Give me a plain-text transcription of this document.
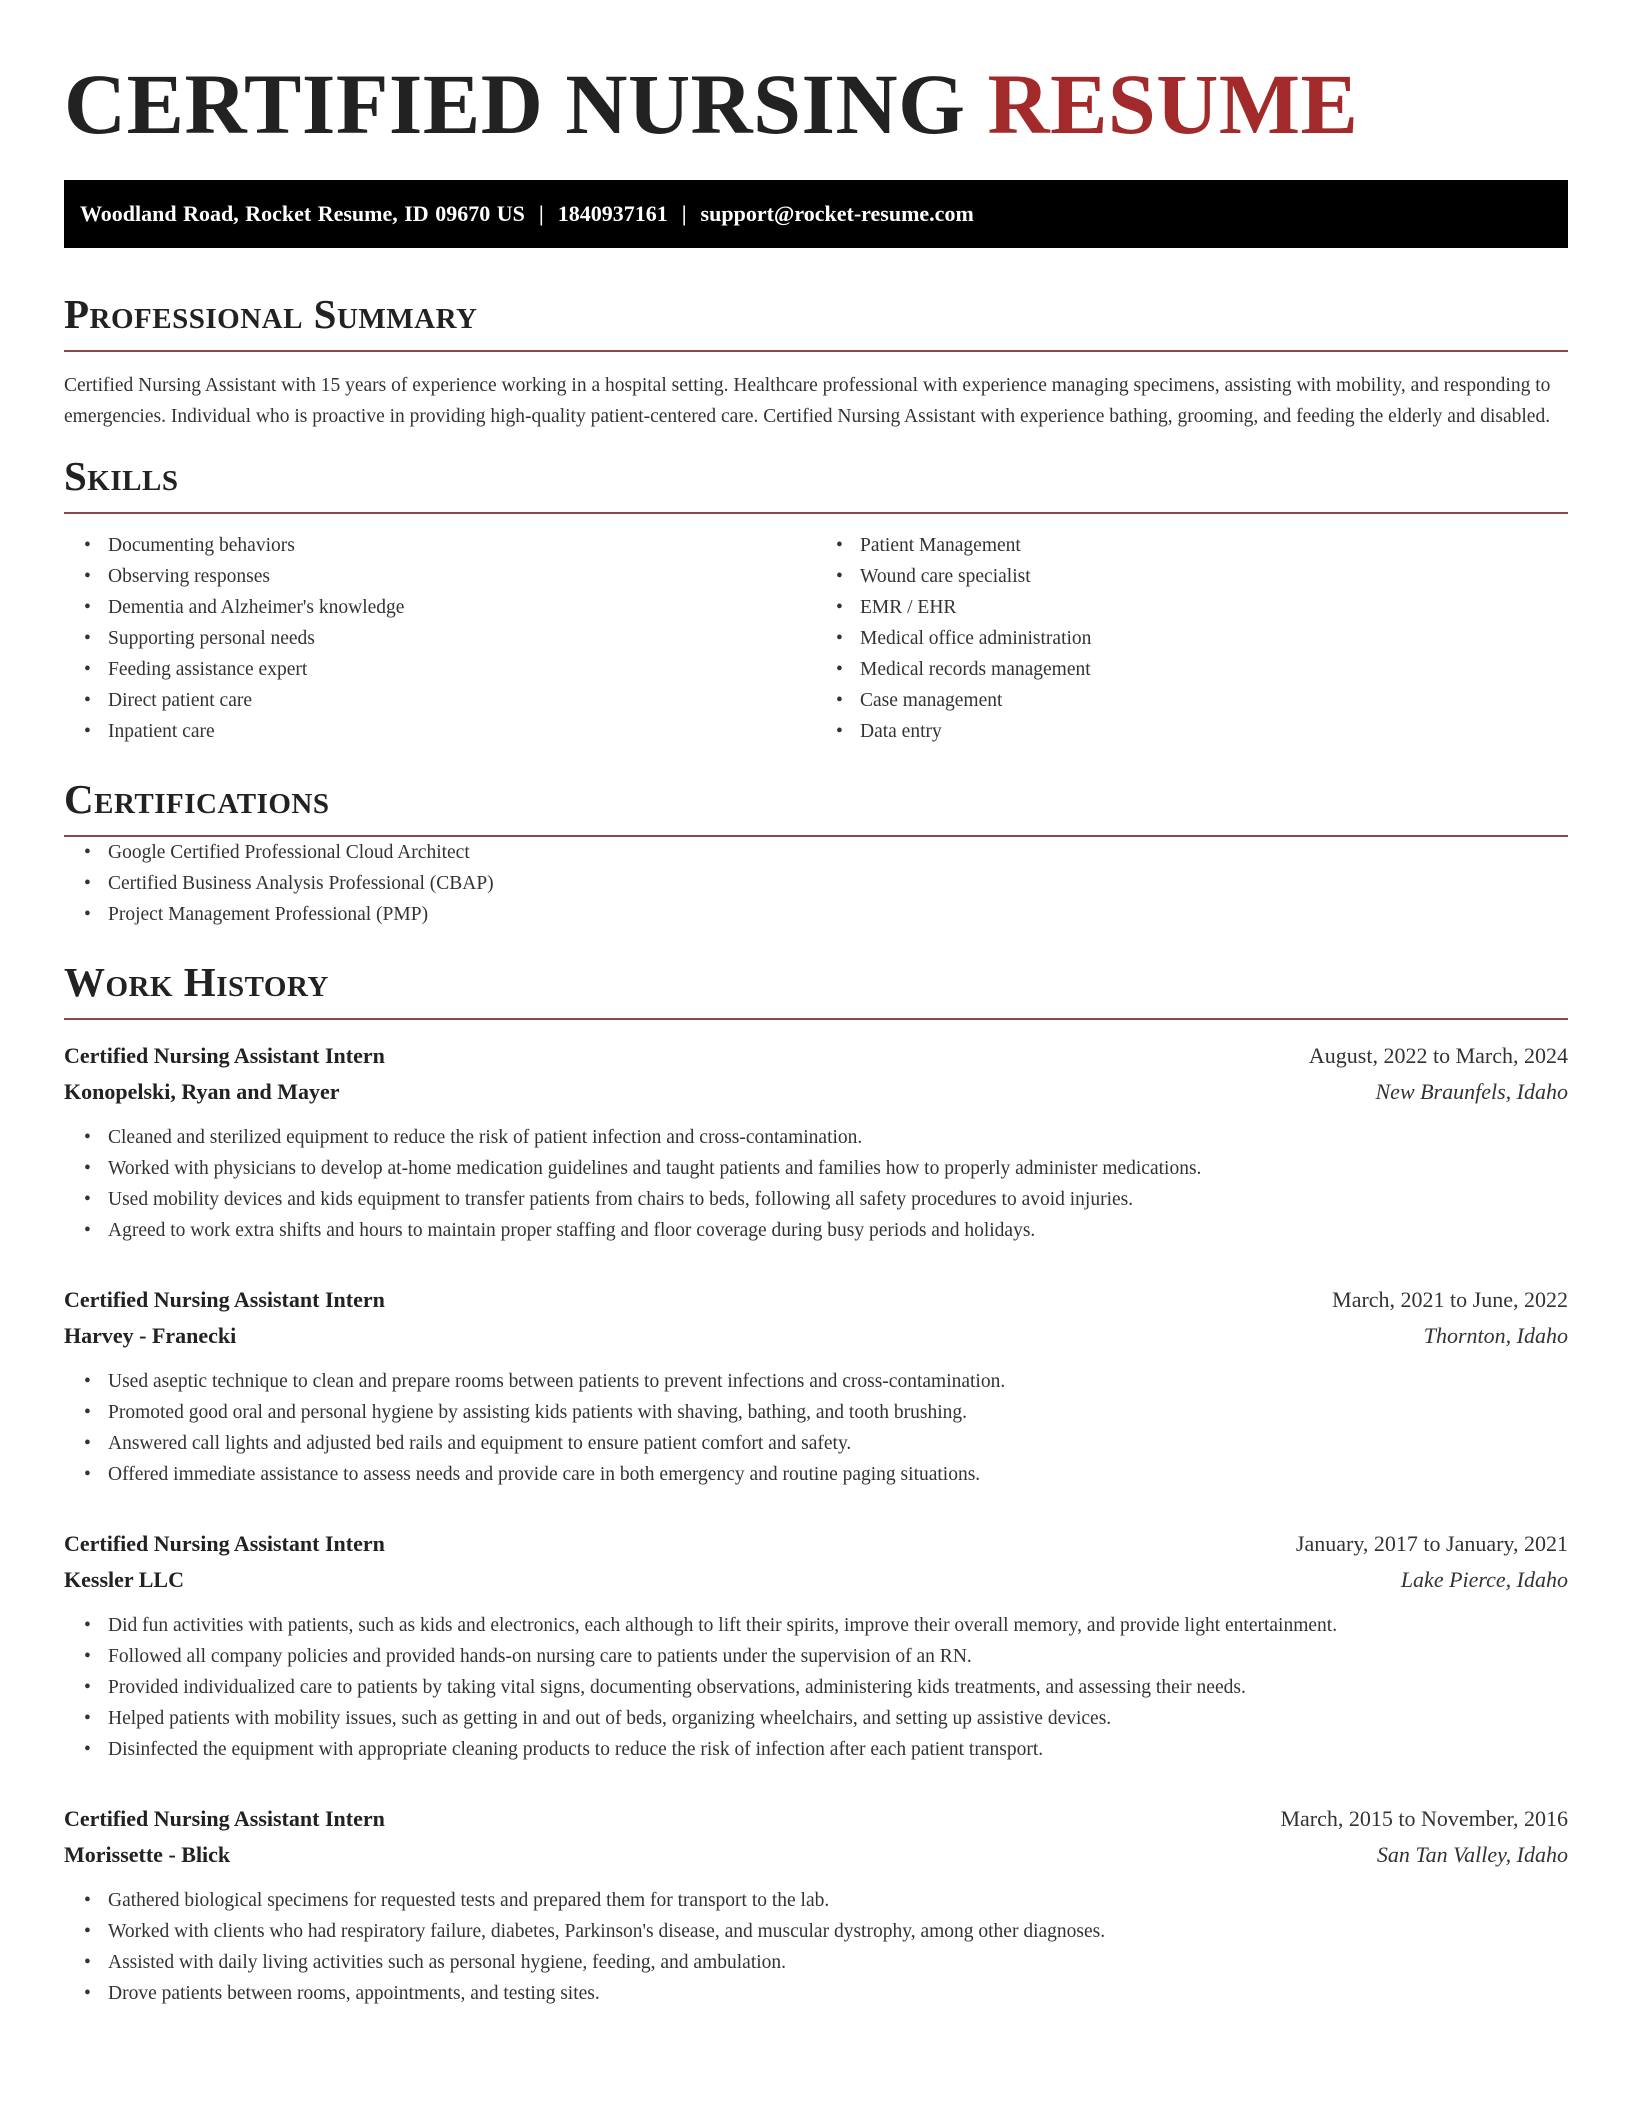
CERTIFIED NURSING RESUME
Woodland Road, Rocket Resume, ID 09670 US | 1840937161 | support@rocket-resume.com
Professional Summary

Certified Nursing Assistant with 15 years of experience working in a hospital setting. Healthcare professional with experience managing specimens, assisting with mobility, and responding to emergencies. Individual who is proactive in providing high-quality patient-centered care. Certified Nursing Assistant with experience bathing, grooming, and feeding the elderly and disabled.

Skills
• Documenting behaviors
• Observing responses
• Dementia and Alzheimer's knowledge
• Supporting personal needs
• Feeding assistance expert
• Direct patient care
• Inpatient care
• Patient Management
• Wound care specialist
• EMR / EHR
• Medical office administration
• Medical records management
• Case management
• Data entry
Certifications
• Google Certified Professional Cloud Architect
• Certified Business Analysis Professional (CBAP)
• Project Management Professional (PMP)
Work History
Certified Nursing Assistant Intern	August, 2022 to March, 2024
Konopelski, Ryan and Mayer	New Braunfels, Idaho
• Cleaned and sterilized equipment to reduce the risk of patient infection and cross-contamination.
• Worked with physicians to develop at-home medication guidelines and taught patients and families how to properly administer medications.
• Used mobility devices and kids equipment to transfer patients from chairs to beds, following all safety procedures to avoid injuries.
• Agreed to work extra shifts and hours to maintain proper staffing and floor coverage during busy periods and holidays.
Certified Nursing Assistant Intern	March, 2021 to June, 2022
Harvey - Franecki	Thornton, Idaho
• Used aseptic technique to clean and prepare rooms between patients to prevent infections and cross-contamination.
• Promoted good oral and personal hygiene by assisting kids patients with shaving, bathing, and tooth brushing.
• Answered call lights and adjusted bed rails and equipment to ensure patient comfort and safety.
• Offered immediate assistance to assess needs and provide care in both emergency and routine paging situations.
Certified Nursing Assistant Intern	January, 2017 to January, 2021
Kessler LLC	Lake Pierce, Idaho
• Did fun activities with patients, such as kids and electronics, each although to lift their spirits, improve their overall memory, and provide light entertainment.
• Followed all company policies and provided hands-on nursing care to patients under the supervision of an RN.
• Provided individualized care to patients by taking vital signs, documenting observations, administering kids treatments, and assessing their needs.
• Helped patients with mobility issues, such as getting in and out of beds, organizing wheelchairs, and setting up assistive devices.
• Disinfected the equipment with appropriate cleaning products to reduce the risk of infection after each patient transport.
Certified Nursing Assistant Intern	March, 2015 to November, 2016
Morissette - Blick	San Tan Valley, Idaho
• Gathered biological specimens for requested tests and prepared them for transport to the lab.
• Worked with clients who had respiratory failure, diabetes, Parkinson's disease, and muscular dystrophy, among other diagnoses.
• Assisted with daily living activities such as personal hygiene, feeding, and ambulation.
• Drove patients between rooms, appointments, and testing sites.
